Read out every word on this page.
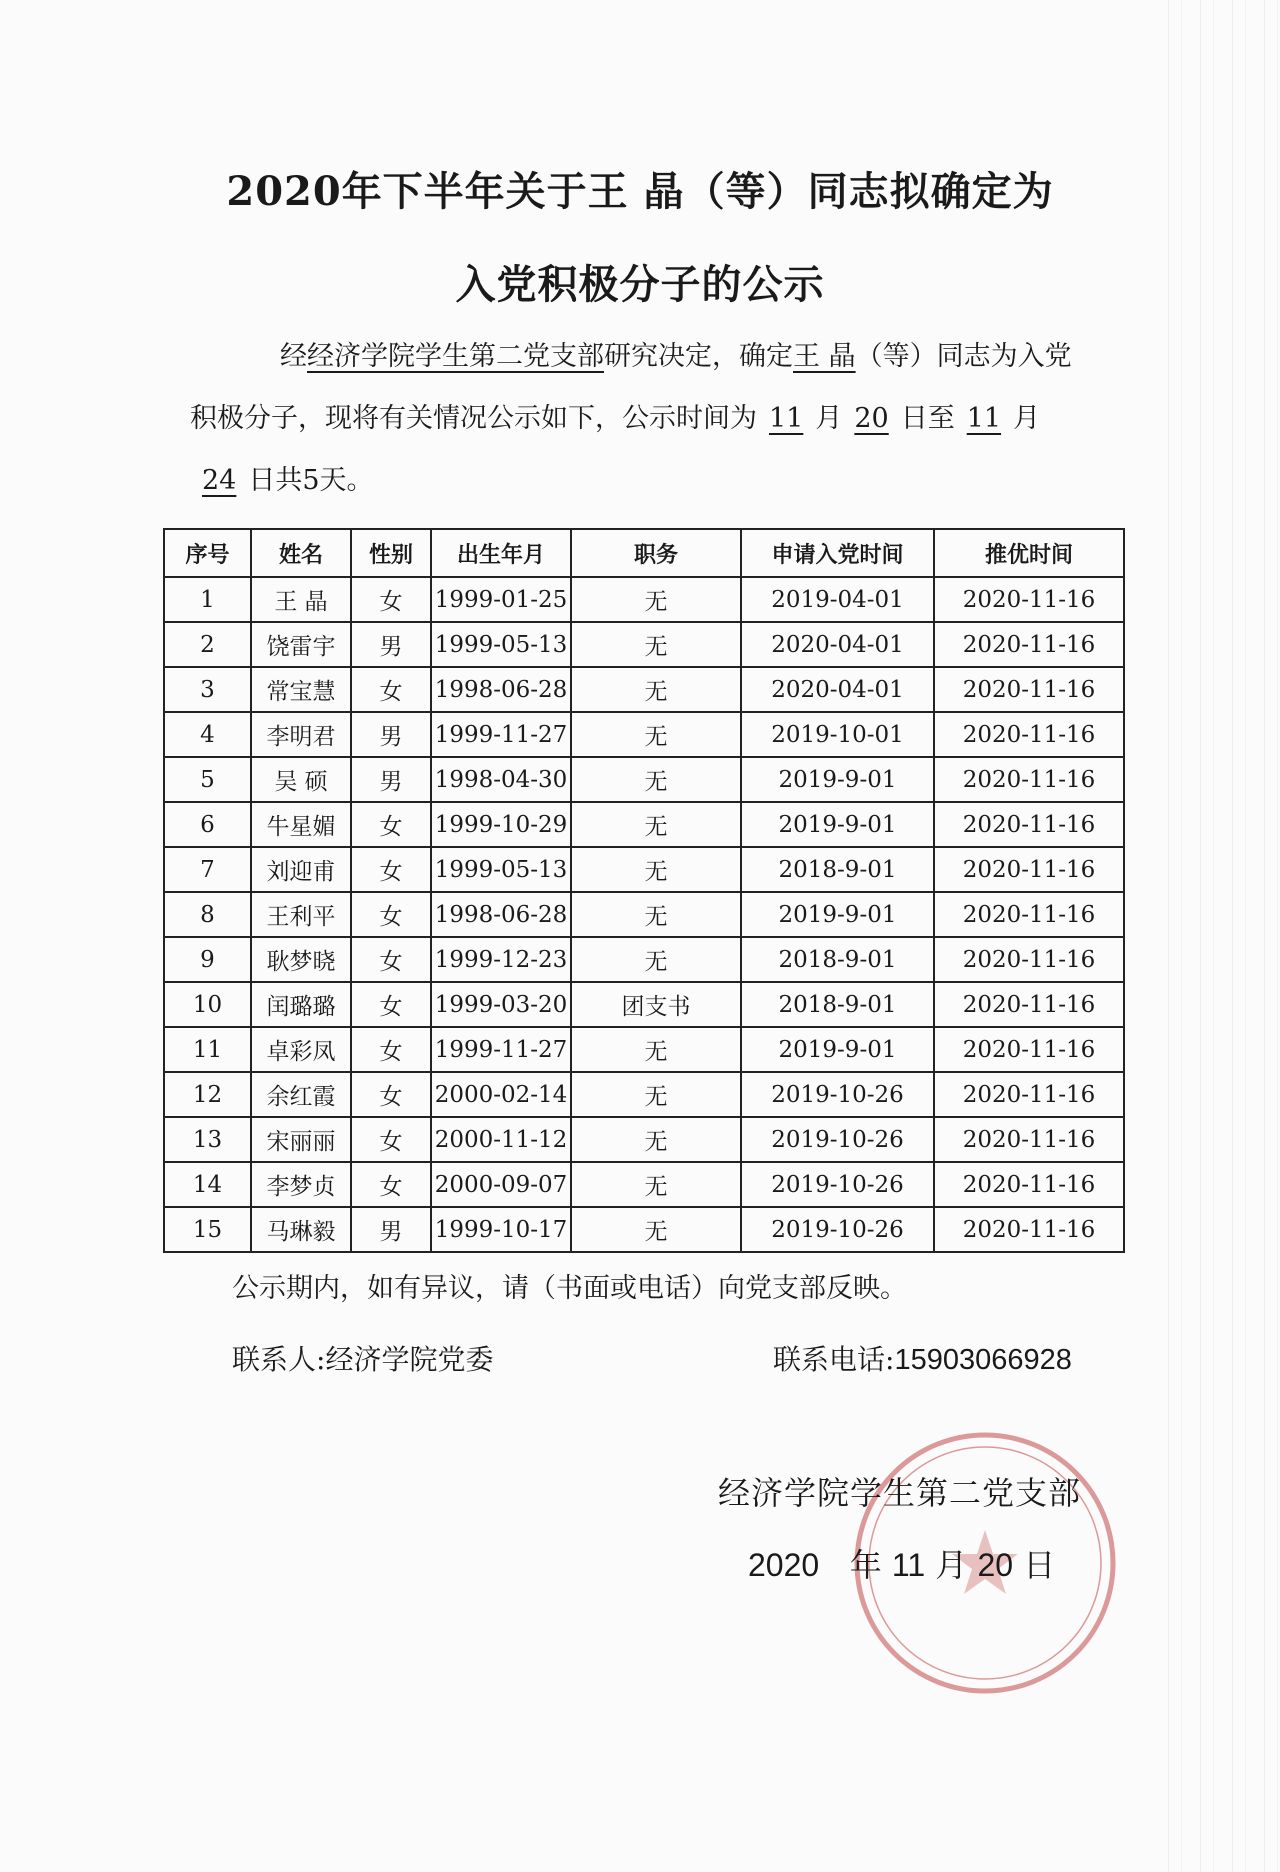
2020年下半年关于王 晶（等）同志拟确定为
入党积极分子的公示
经经济学院学生第二党支部研究决定，确定王 晶（等）同志为入党积极分子，现将有关情况公示如下，公示时间为 11 月 20 日至 11 月24 日共5天。
序号	姓名	性别	出生年月	职务	申请入党时间	推优时间
1	王 晶	女	1999-01-25	无	2019-04-01	2020-11-16
2	饶雷宇	男	1999-05-13	无	2020-04-01	2020-11-16
3	常宝慧	女	1998-06-28	无	2020-04-01	2020-11-16
4	李明君	男	1999-11-27	无	2019-10-01	2020-11-16
5	吴 硕	男	1998-04-30	无	2019-9-01	2020-11-16
6	牛星媚	女	1999-10-29	无	2019-9-01	2020-11-16
7	刘迎甫	女	1999-05-13	无	2018-9-01	2020-11-16
8	王利平	女	1998-06-28	无	2019-9-01	2020-11-16
9	耿梦晓	女	1999-12-23	无	2018-9-01	2020-11-16
10	闰璐璐	女	1999-03-20	团支书	2018-9-01	2020-11-16
11	卓彩凤	女	1999-11-27	无	2019-9-01	2020-11-16
12	余红霞	女	2000-02-14	无	2019-10-26	2020-11-16
13	宋丽丽	女	2000-11-12	无	2019-10-26	2020-11-16
14	李梦贞	女	2000-09-07	无	2019-10-26	2020-11-16
15	马琳毅	男	1999-10-17	无	2019-10-26	2020-11-16
公示期内，如有异议，请（书面或电话）向党支部反映。
联系人:经济学院党委	联系电话:15903066928
经济学院学生第二党支部
2020 年 11 月 20 日
